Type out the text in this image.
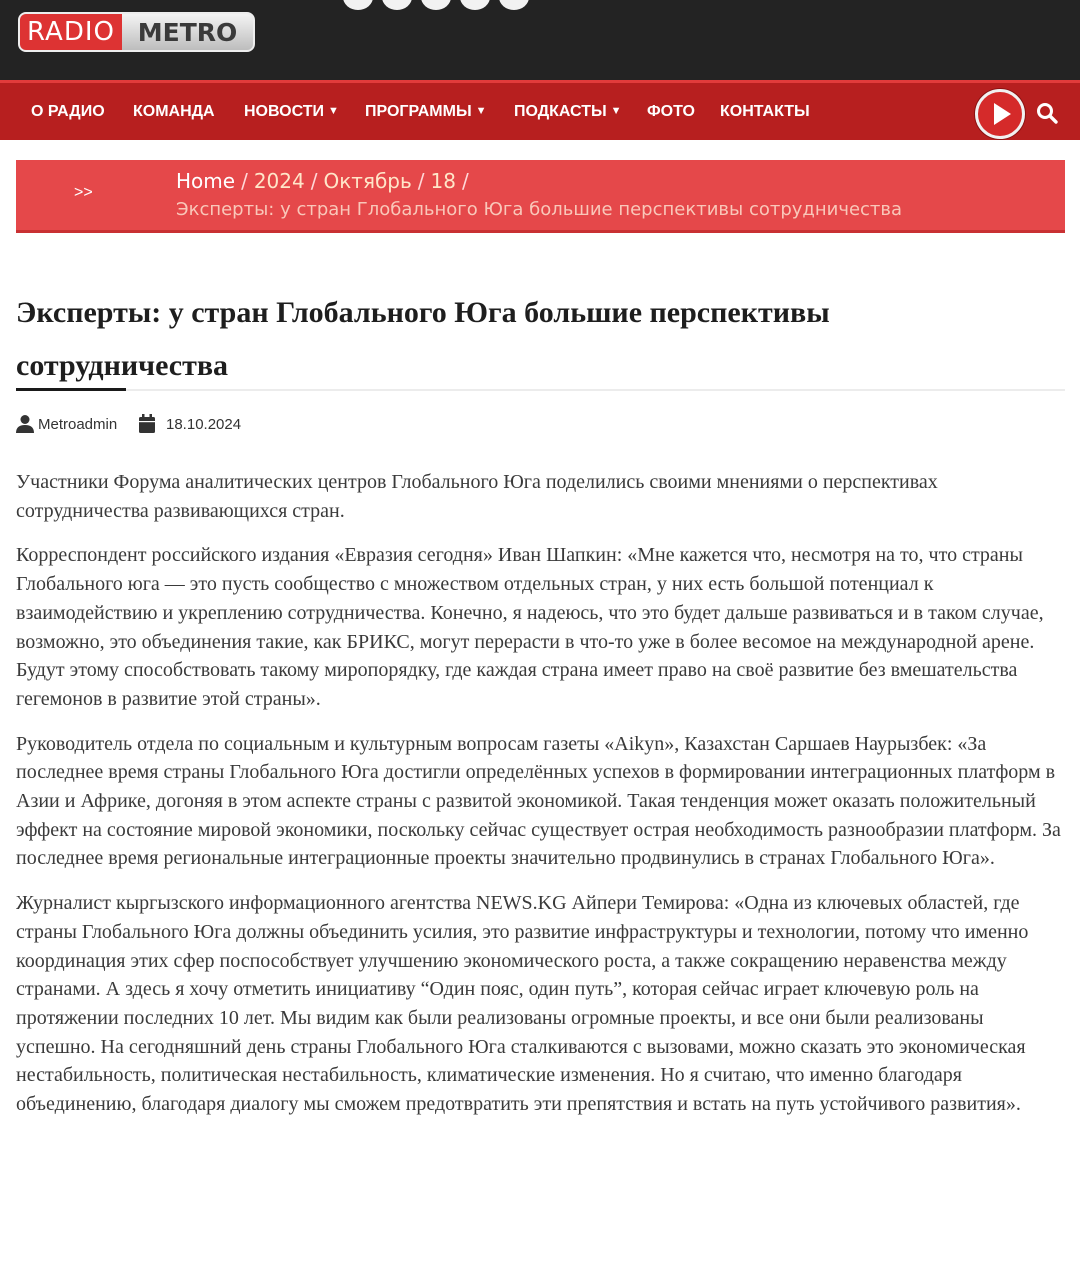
RADIO METRO
О РАДИО КОМАНДА НОВОСТИ ▼ ПРОГРАММЫ ▼ ПОДКАСТЫ ▼ ФОТО КОНТАКТЫ
>>	Home / 2024 / Октябрь / 18 /
Эксперты: у стран Глобального Юга большие перспективы сотрудничества
Эксперты: у стран Глобального Юга большие перспективы сотрудничества
Metroadmin	18.10.2024

Участники Форума аналитических центров Глобального Юга поделились своими мнениями о перспективах сотрудничества развивающихся стран.

Корреспондент российского издания «Евразия сегодня» Иван Шапкин: «Мне кажется что, несмотря на то, что страны Глобального юга — это пусть сообщество с множеством отдельных стран, у них есть большой потенциал к взаимодействию и укреплению сотрудничества. Конечно, я надеюсь, что это будет дальше развиваться и в таком случае, возможно, это объединения такие, как БРИКС, могут перерасти в что-то уже в более весомое на международной арене. Будут этому способствовать такому миропорядку, где каждая страна имеет право на своё развитие без вмешательства гегемонов в развитие этой страны».

Руководитель отдела по социальным и культурным вопросам газеты «Aikyn», Казахстан Саршаев Наурызбек: «За последнее время страны Глобального Юга достигли определённых успехов в формировании интеграционных платформ в Азии и Африке, догоняя в этом аспекте страны с развитой экономикой. Такая тенденция может оказать положительный эффект на состояние мировой экономики, поскольку сейчас существует острая необходимость разнообразии платформ. За последнее время региональные интеграционные проекты значительно продвинулись в странах Глобального Юга».

Журналист кыргызского информационного агентства NEWS.KG Айпери Темирова: «Одна из ключевых областей, где страны Глобального Юга должны объединить усилия, это развитие инфраструктуры и технологии, потому что именно координация этих сфер поспособствует улучшению экономического роста, а также сокращению неравенства между странами. А здесь я хочу отметить инициативу “Один пояс, один путь”, которая сейчас играет ключевую роль на протяжении последних 10 лет. Мы видим как были реализованы огромные проекты, и все они были реализованы успешно. На сегодняшний день страны Глобального Юга сталкиваются с вызовами, можно сказать это экономическая нестабильность, политическая нестабильность, климатические изменения. Но я считаю, что именно благодаря объединению, благодаря диалогу мы сможем предотвратить эти препятствия и встать на путь устойчивого развития».
